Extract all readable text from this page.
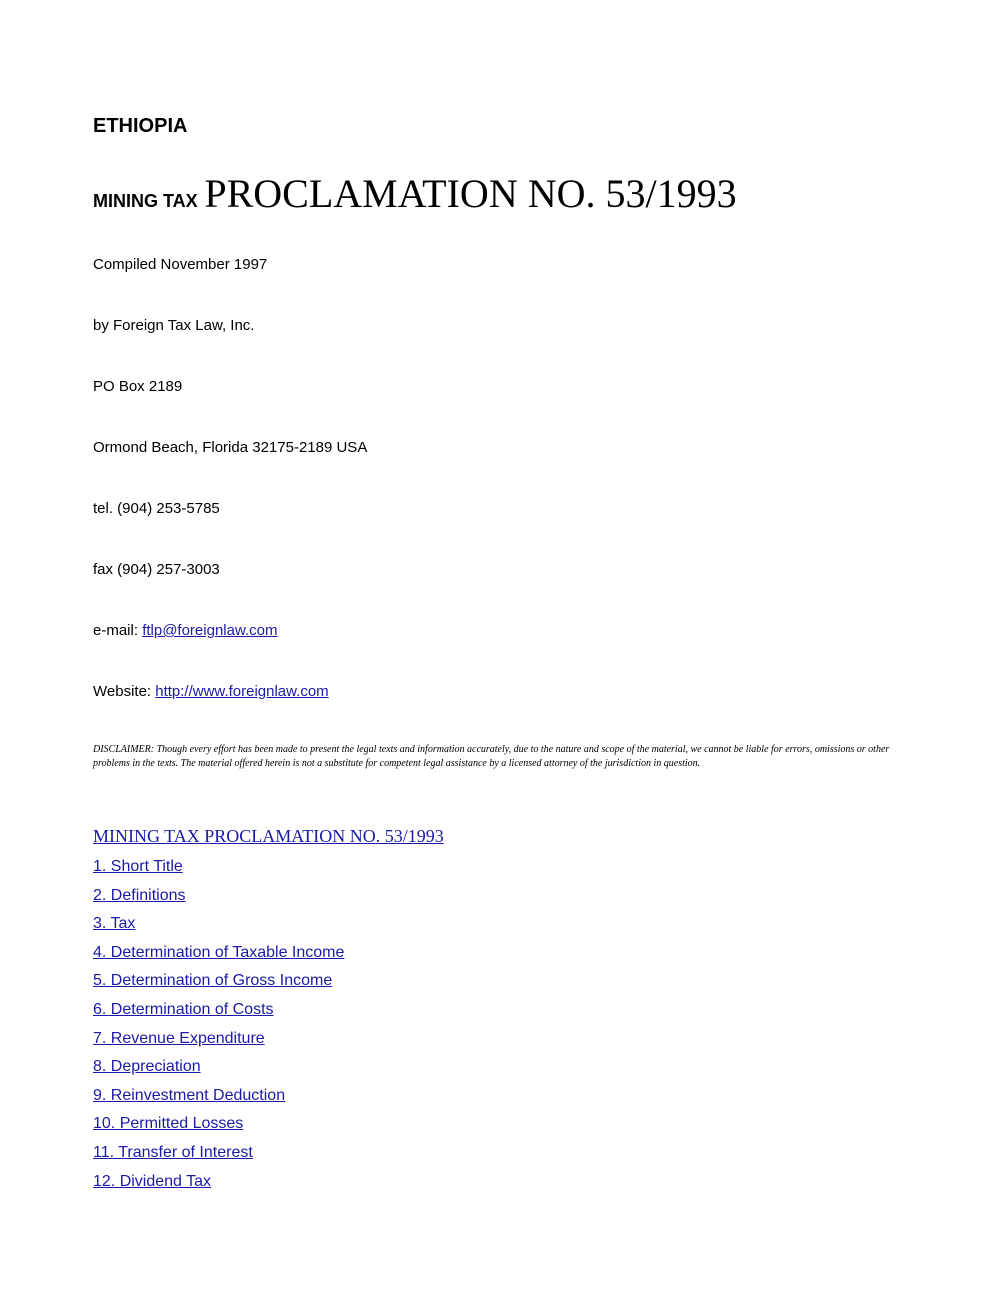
ETHIOPIA
MINING TAX PROCLAMATION NO. 53/1993

Compiled November 1997

by Foreign Tax Law, Inc.

PO Box 2189

Ormond Beach, Florida 32175-2189 USA

tel. (904) 253-5785

fax (904) 257-3003

e-mail: ftlp@foreignlaw.com

Website: http://www.foreignlaw.com

DISCLAIMER: Though every effort has been made to present the legal texts and information accurately, due to the nature and scope of the material, we cannot be liable for errors, omissions or other problems in the texts. The material offered herein is not a substitute for competent legal assistance by a licensed attorney of the jurisdiction in question.

MINING TAX PROCLAMATION NO. 53/1993
1. Short Title
2. Definitions
3. Tax
4. Determination of Taxable Income
5. Determination of Gross Income
6. Determination of Costs
7. Revenue Expenditure
8. Depreciation
9. Reinvestment Deduction
10. Permitted Losses
11. Transfer of Interest
12. Dividend Tax
